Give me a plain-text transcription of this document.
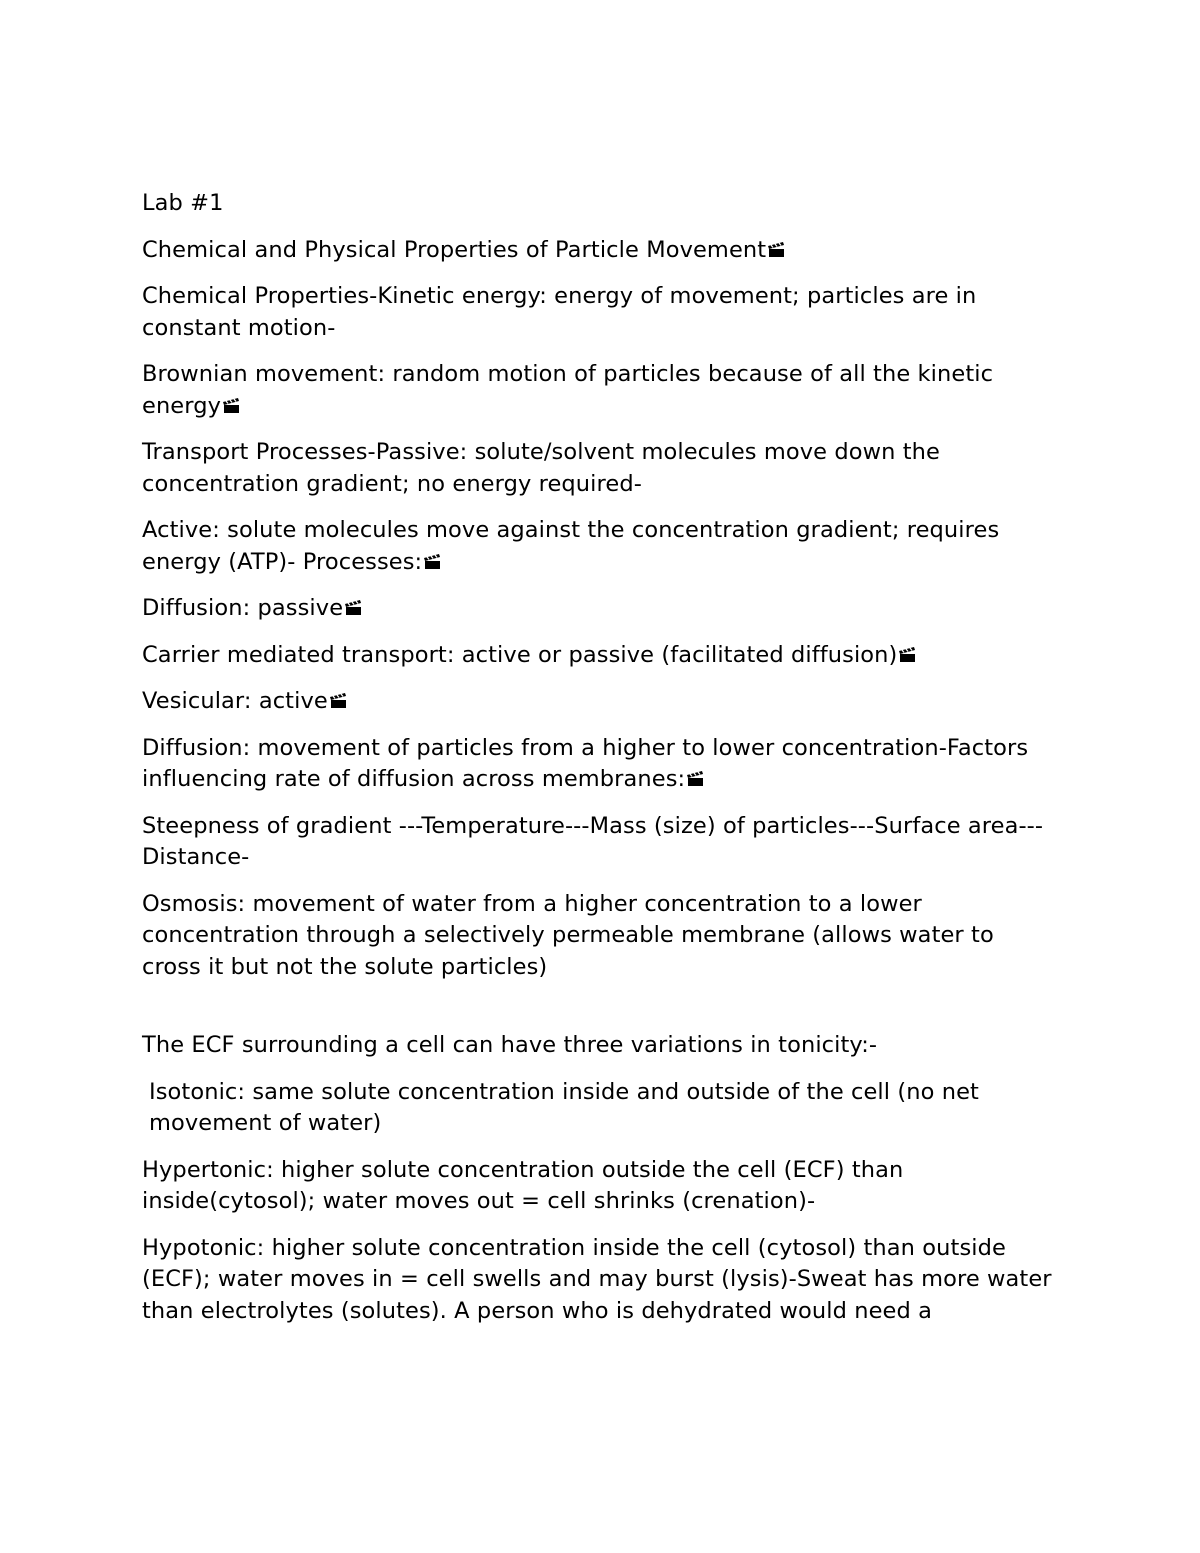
Lab #1

Chemical and Physical Properties of Particle Movement

Chemical Properties-Kinetic energy: energy of movement; particles are in constant motion-

Brownian movement: random motion of particles because of all the kinetic energy

Transport Processes-Passive: solute/solvent molecules move down the concentration gradient; no energy required-

Active: solute molecules move against the concentration gradient; requires energy (ATP)- Processes:

Diffusion: passive

Carrier mediated transport: active or passive (facilitated diffusion)

Vesicular: active

Diffusion: movement of particles from a higher to lower concentration-Factors influencing rate of diffusion across membranes:

Steepness of gradient ---Temperature---Mass (size) of particles---Surface area---Distance-

Osmosis: movement of water from a higher concentration to a lower concentration through a selectively permeable membrane (allows water to cross it but not the solute particles)

The ECF surrounding a cell can have three variations in tonicity:-

Isotonic: same solute concentration inside and outside of the cell (no net movement of water)

Hypertonic: higher solute concentration outside the cell (ECF) than inside(cytosol); water moves out = cell shrinks (crenation)-

Hypotonic: higher solute concentration inside the cell (cytosol) than outside (ECF); water moves in = cell swells and may burst (lysis)-Sweat has more water than electrolytes (solutes). A person who is dehydrated would need a
